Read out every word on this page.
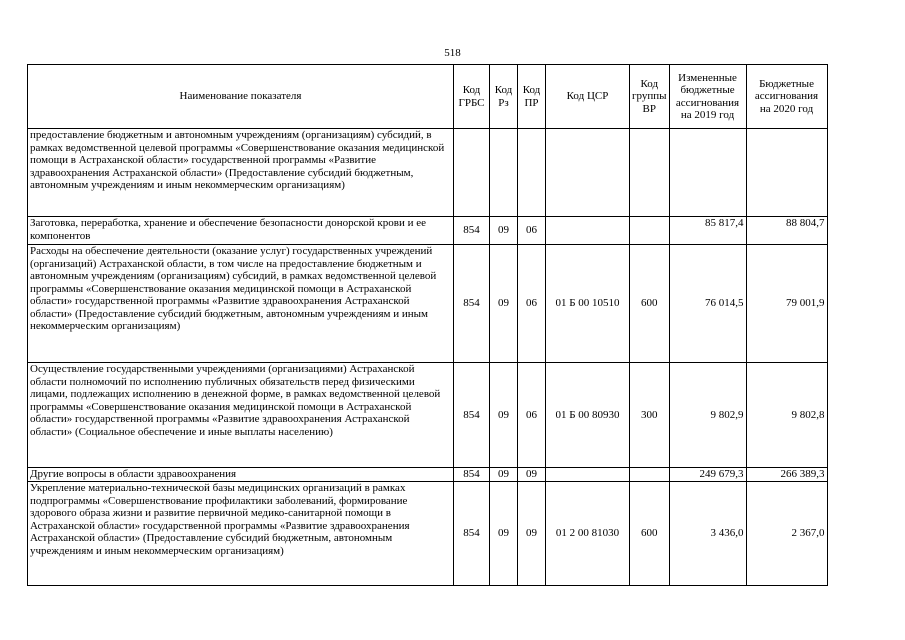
518
Наименование показателя	Код ГРБС	Код Рз	Код ПР	Код ЦСР	Код группы ВР	Измененные бюджетные ассигнования на 2019 год	Бюджетные ассигнования на 2020 год
предоставление бюджетным и автономным учреждениям (организациям) субсидий, в рамках ведомственной целевой программы «Совершенствование оказания медицинской помощи в Астраханской области» государственной программы «Развитие здравоохранения Астраханской области» (Предоставление субсидий бюджетным, автономным учреждениям и иным некоммерческим организациям)							
Заготовка, переработка, хранение и обеспечение безопасности донорской крови и ее компонентов	854	09	06			85 817,4	88 804,7
Расходы на обеспечение деятельности (оказание услуг) государственных учреждений (организаций) Астраханской области, в том числе на предоставление бюджетным и автономным учреждениям (организациям) субсидий, в рамках ведомственной целевой программы «Совершенствование оказания медицинской помощи в Астраханской области» государственной программы «Развитие здравоохранения Астраханской области» (Предоставление субсидий бюджетным, автономным учреждениям и иным некоммерческим организациям)	854	09	06	01 Б 00 10510	600	76 014,5	79 001,9
Осуществление государственными учреждениями (организациями) Астраханской области полномочий по исполнению публичных обязательств перед физическими лицами, подлежащих исполнению в денежной форме, в рамках ведомственной целевой программы «Совершенствование оказания медицинской помощи в Астраханской области» государственной программы «Развитие здравоохранения Астраханской области» (Социальное обеспечение и иные выплаты населению)	854	09	06	01 Б 00 80930	300	9 802,9	9 802,8
Другие вопросы в области здравоохранения	854	09	09			249 679,3	266 389,3
Укрепление материально-технической базы медицинских организаций в рамках подпрограммы «Совершенствование профилактики заболеваний, формирование здорового образа жизни и развитие первичной медико-санитарной помощи в Астраханской области» государственной программы «Развитие здравоохранения Астраханской области» (Предоставление субсидий бюджетным, автономным учреждениям и иным некоммерческим организациям)	854	09	09	01 2 00 81030	600	3 436,0	2 367,0
